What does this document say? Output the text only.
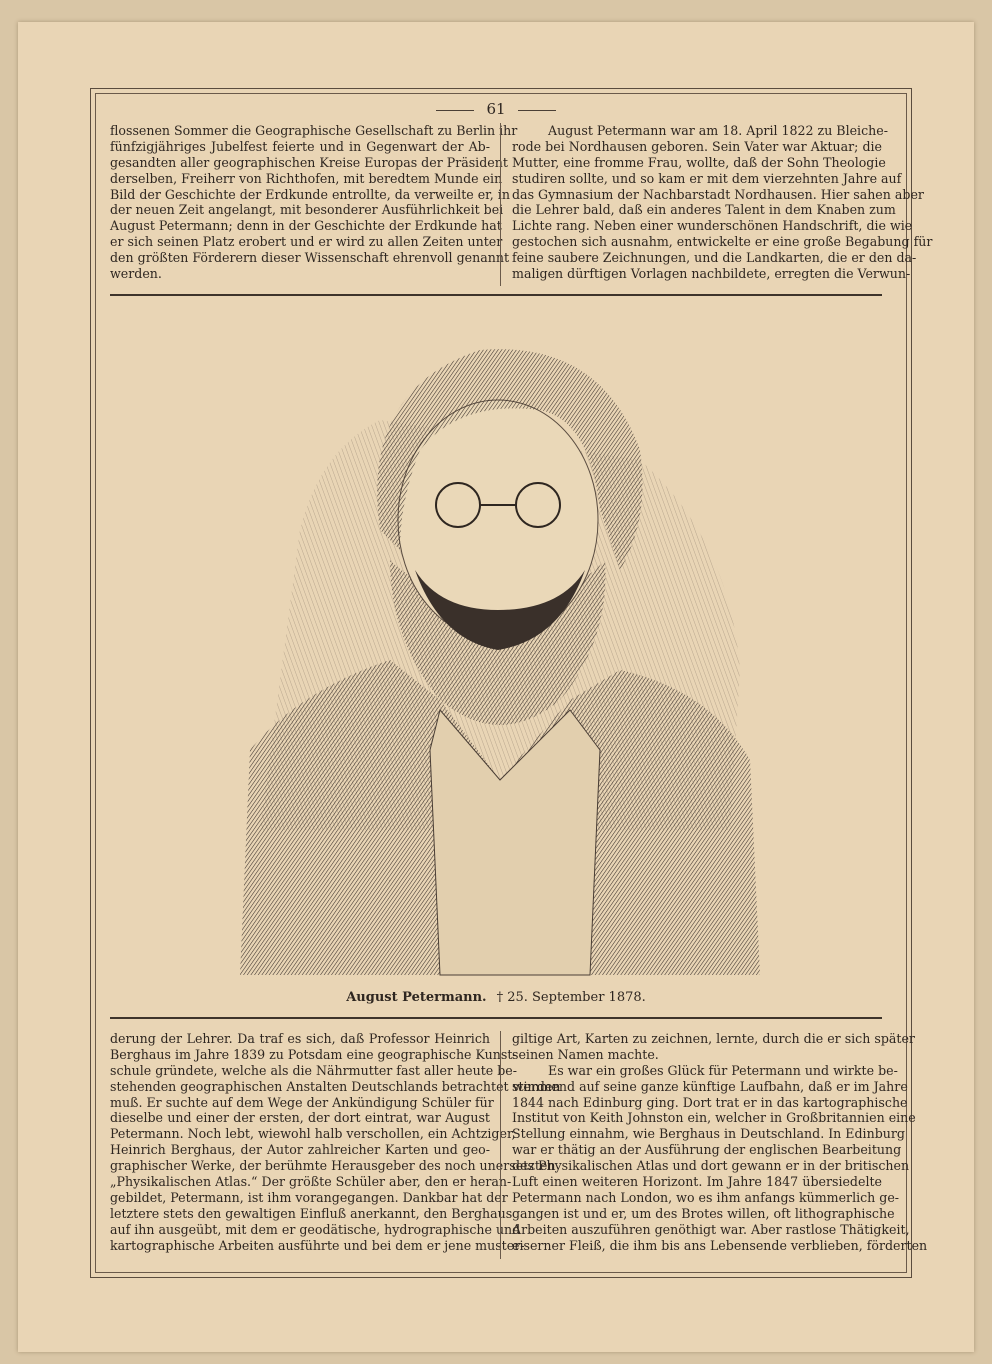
61
flossenen Sommer die Geographische Gesellschaft zu Berlin ihr
fünfzigjähriges Jubelfest feierte und in Gegenwart der Ab-
gesandten aller geographischen Kreise Europas der Präsident
derselben, Freiherr von Richthofen, mit beredtem Munde ein
Bild der Geschichte der Erdkunde entrollte, da verweilte er, in
der neuen Zeit angelangt, mit besonderer Ausführlichkeit bei
August Petermann; denn in der Geschichte der Erdkunde hat
er sich seinen Platz erobert und er wird zu allen Zeiten unter
den größten Förderern dieser Wissenschaft ehrenvoll genannt
werden.
August Petermann war am 18. April 1822 zu Bleiche-
rode bei Nordhausen geboren. Sein Vater war Aktuar; die
Mutter, eine fromme Frau, wollte, daß der Sohn Theologie
studiren sollte, und so kam er mit dem vierzehnten Jahre auf
das Gymnasium der Nachbarstadt Nordhausen. Hier sahen aber
die Lehrer bald, daß ein anderes Talent in dem Knaben zum
Lichte rang. Neben einer wunderschönen Handschrift, die wie
gestochen sich ausnahm, entwickelte er eine große Begabung für
feine saubere Zeichnungen, und die Landkarten, die er den da-
maligen dürftigen Vorlagen nachbildete, erregten die Verwun-
August Petermann. † 25. September 1878.
derung der Lehrer. Da traf es sich, daß Professor Heinrich
Berghaus im Jahre 1839 zu Potsdam eine geographische Kunst-
schule gründete, welche als die Nährmutter fast aller heute be-
stehenden geographischen Anstalten Deutschlands betrachtet werden
muß. Er suchte auf dem Wege der Ankündigung Schüler für
dieselbe und einer der ersten, der dort eintrat, war August
Petermann. Noch lebt, wiewohl halb verschollen, ein Achtziger,
Heinrich Berghaus, der Autor zahlreicher Karten und geo-
graphischer Werke, der berühmte Herausgeber des noch unersetzten
„Physikalischen Atlas.“ Der größte Schüler aber, den er heran-
gebildet, Petermann, ist ihm vorangegangen. Dankbar hat der
letztere stets den gewaltigen Einfluß anerkannt, den Berghaus
auf ihn ausgeübt, mit dem er geodätische, hydrographische und
kartographische Arbeiten ausführte und bei dem er jene muster-
giltige Art, Karten zu zeichnen, lernte, durch die er sich später
seinen Namen machte.
Es war ein großes Glück für Petermann und wirkte be-
stimmend auf seine ganze künftige Laufbahn, daß er im Jahre
1844 nach Edinburg ging. Dort trat er in das kartographische
Institut von Keith Johnston ein, welcher in Großbritannien eine
Stellung einnahm, wie Berghaus in Deutschland. In Edinburg
war er thätig an der Ausführung der englischen Bearbeitung
des Physikalischen Atlas und dort gewann er in der britischen
Luft einen weiteren Horizont. Im Jahre 1847 übersiedelte
Petermann nach London, wo es ihm anfangs kümmerlich ge-
gangen ist und er, um des Brotes willen, oft lithographische
Arbeiten auszuführen genöthigt war. Aber rastlose Thätigkeit,
eiserner Fleiß, die ihm bis ans Lebensende verblieben, förderten
